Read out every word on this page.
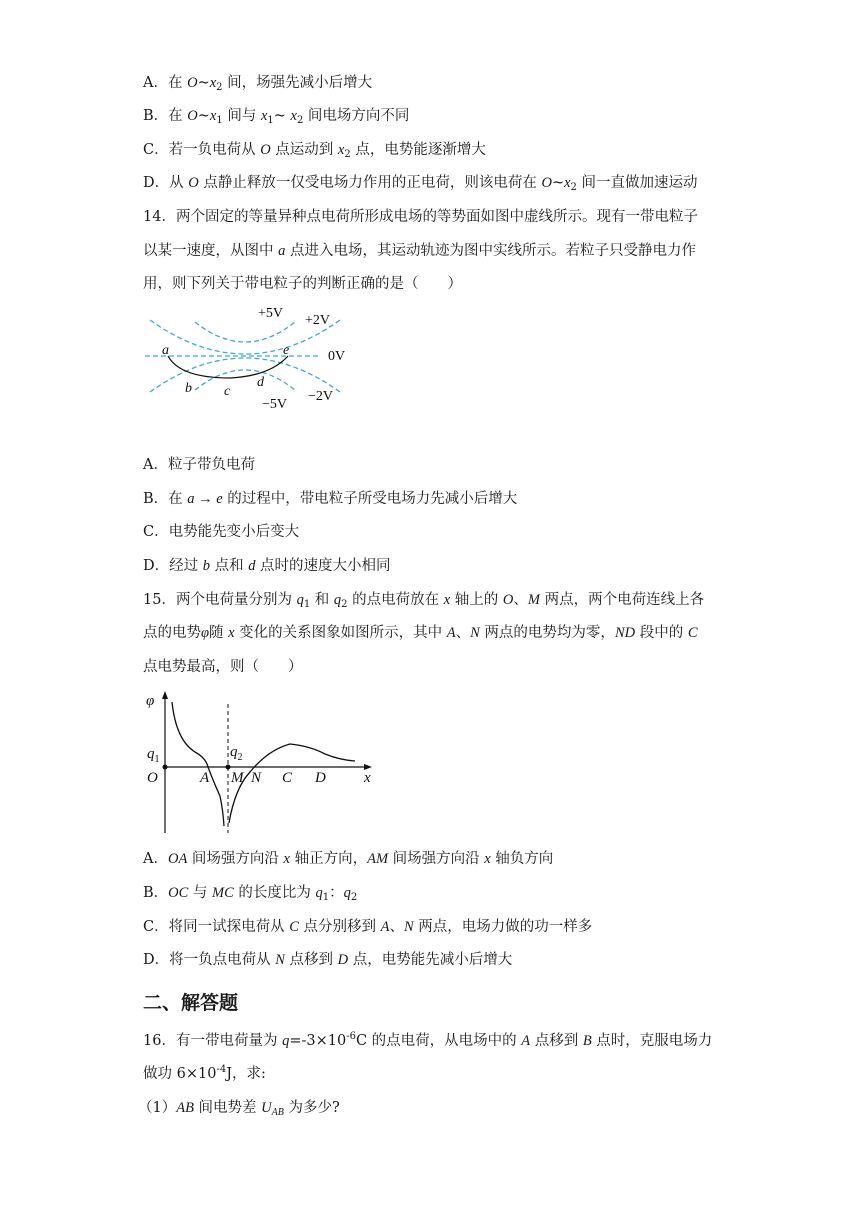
A．在 $O\sim x_2$ 间，场强先减小后增大
B．在 $O\sim x_1$ 间与 $x_1\sim$ $x_2$ 间电场方向不同
C．若一负电荷从 O 点运动到 $x_2$ 点，电势能逐渐增大
D．从 O 点静止释放一仅受电场力作用的正电荷，则该电荷在 $O\sim x_2$ 间一直做加速运动
14．两个固定的等量异种点电荷所形成电场的等势面如图中虚线所示。现有一带电粒子
以某一速度，从图中 a 点进入电场，其运动轨迹为图中实线所示。若粒子只受静电力作
用，则下列关于带电粒子的判断正确的是（　　）
+5V +2V
0V
−5V
−2V
a	e
b c
d
A．粒子带负电荷
B．在 a → e 的过程中，带电粒子所受电场力先减小后增大
C．电势能先变小后变大
D．经过 b 点和 d 点时的速度大小相同
15．两个电荷量分别为 $q_1$ 和 $q_2$ 的点电荷放在 x 轴上的 O、M 两点，两个电荷连线上各
点的电势φ随 x 变化的关系图象如图所示，其中 A、N 两点的电势均为零，ND 段中的 C
点电势最高，则（　　）
φ
$q_1$	$q_2$
O	A M N C D	x
A．OA 间场强方向沿 x 轴正方向，AM 间场强方向沿 x 轴负方向
B．OC 与 MC 的长度比为 $q_1$：$q_2$
C．将同一试探电荷从 C 点分别移到 A、N 两点，电场力做的功一样多
D．将一负点电荷从 N 点移到 D 点，电势能先减小后增大
二、解答题
16．有一带电荷量为 $q=-3\times 10^{-6}C$ 的点电荷，从电场中的 A 点移到 B 点时，克服电场力
做功 $6\times 10^{-4}J$，求:
（1）AB 间电势差 $U_{AB}$ 为多少?
